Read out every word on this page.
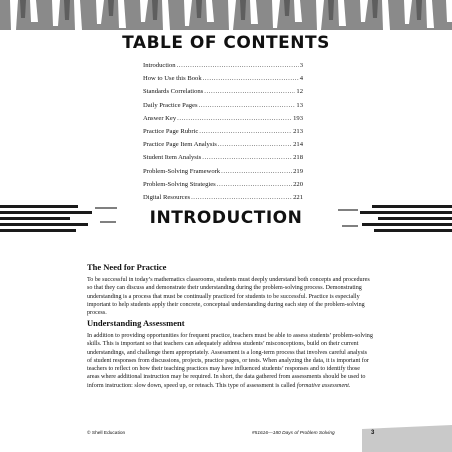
TABLE OF CONTENTS
Introduction .....	3
How to Use this Book .....	4
Standards Correlations .....	12
Daily Practice Pages .....	13
Answer Key .....	193
Practice Page Rubric .....	213
Practice Page Item Analysis .....	214
Student Item Analysis .....	218
Problem-Solving Framework .....	219
Problem-Solving Strategies .....	220
Digital Resources .....	221
INTRODUCTION
The Need for Practice
To be successful in today’s mathematics classrooms, students must deeply understand both concepts and procedures so that they can discuss and demonstrate their understanding during the problem-solving process. Demonstrating understanding is a process that must be continually practiced for students to be successful. Practice is especially important to help students apply their concrete, conceptual understanding during each step of the problem-solving process.
Understanding Assessment
In addition to providing opportunities for frequent practice, teachers must be able to assess students’ problem-solving skills. This is important so that teachers can adequately address students’ misconceptions, build on their current understandings, and challenge them appropriately. Assessment is a long-term process that involves careful analysis of student responses from discussions, projects, practice pages, or tests. When analyzing the data, it is important for teachers to reflect on how their teaching practices may have influenced students’ responses and to identify those areas where additional instruction may be required. In short, the data gathered from assessments should be used to inform instruction: slow down, speed up, or reteach. This type of assessment is called formative assessment.
© Shell Education	#51616—180 Days of Problem Solving	3
